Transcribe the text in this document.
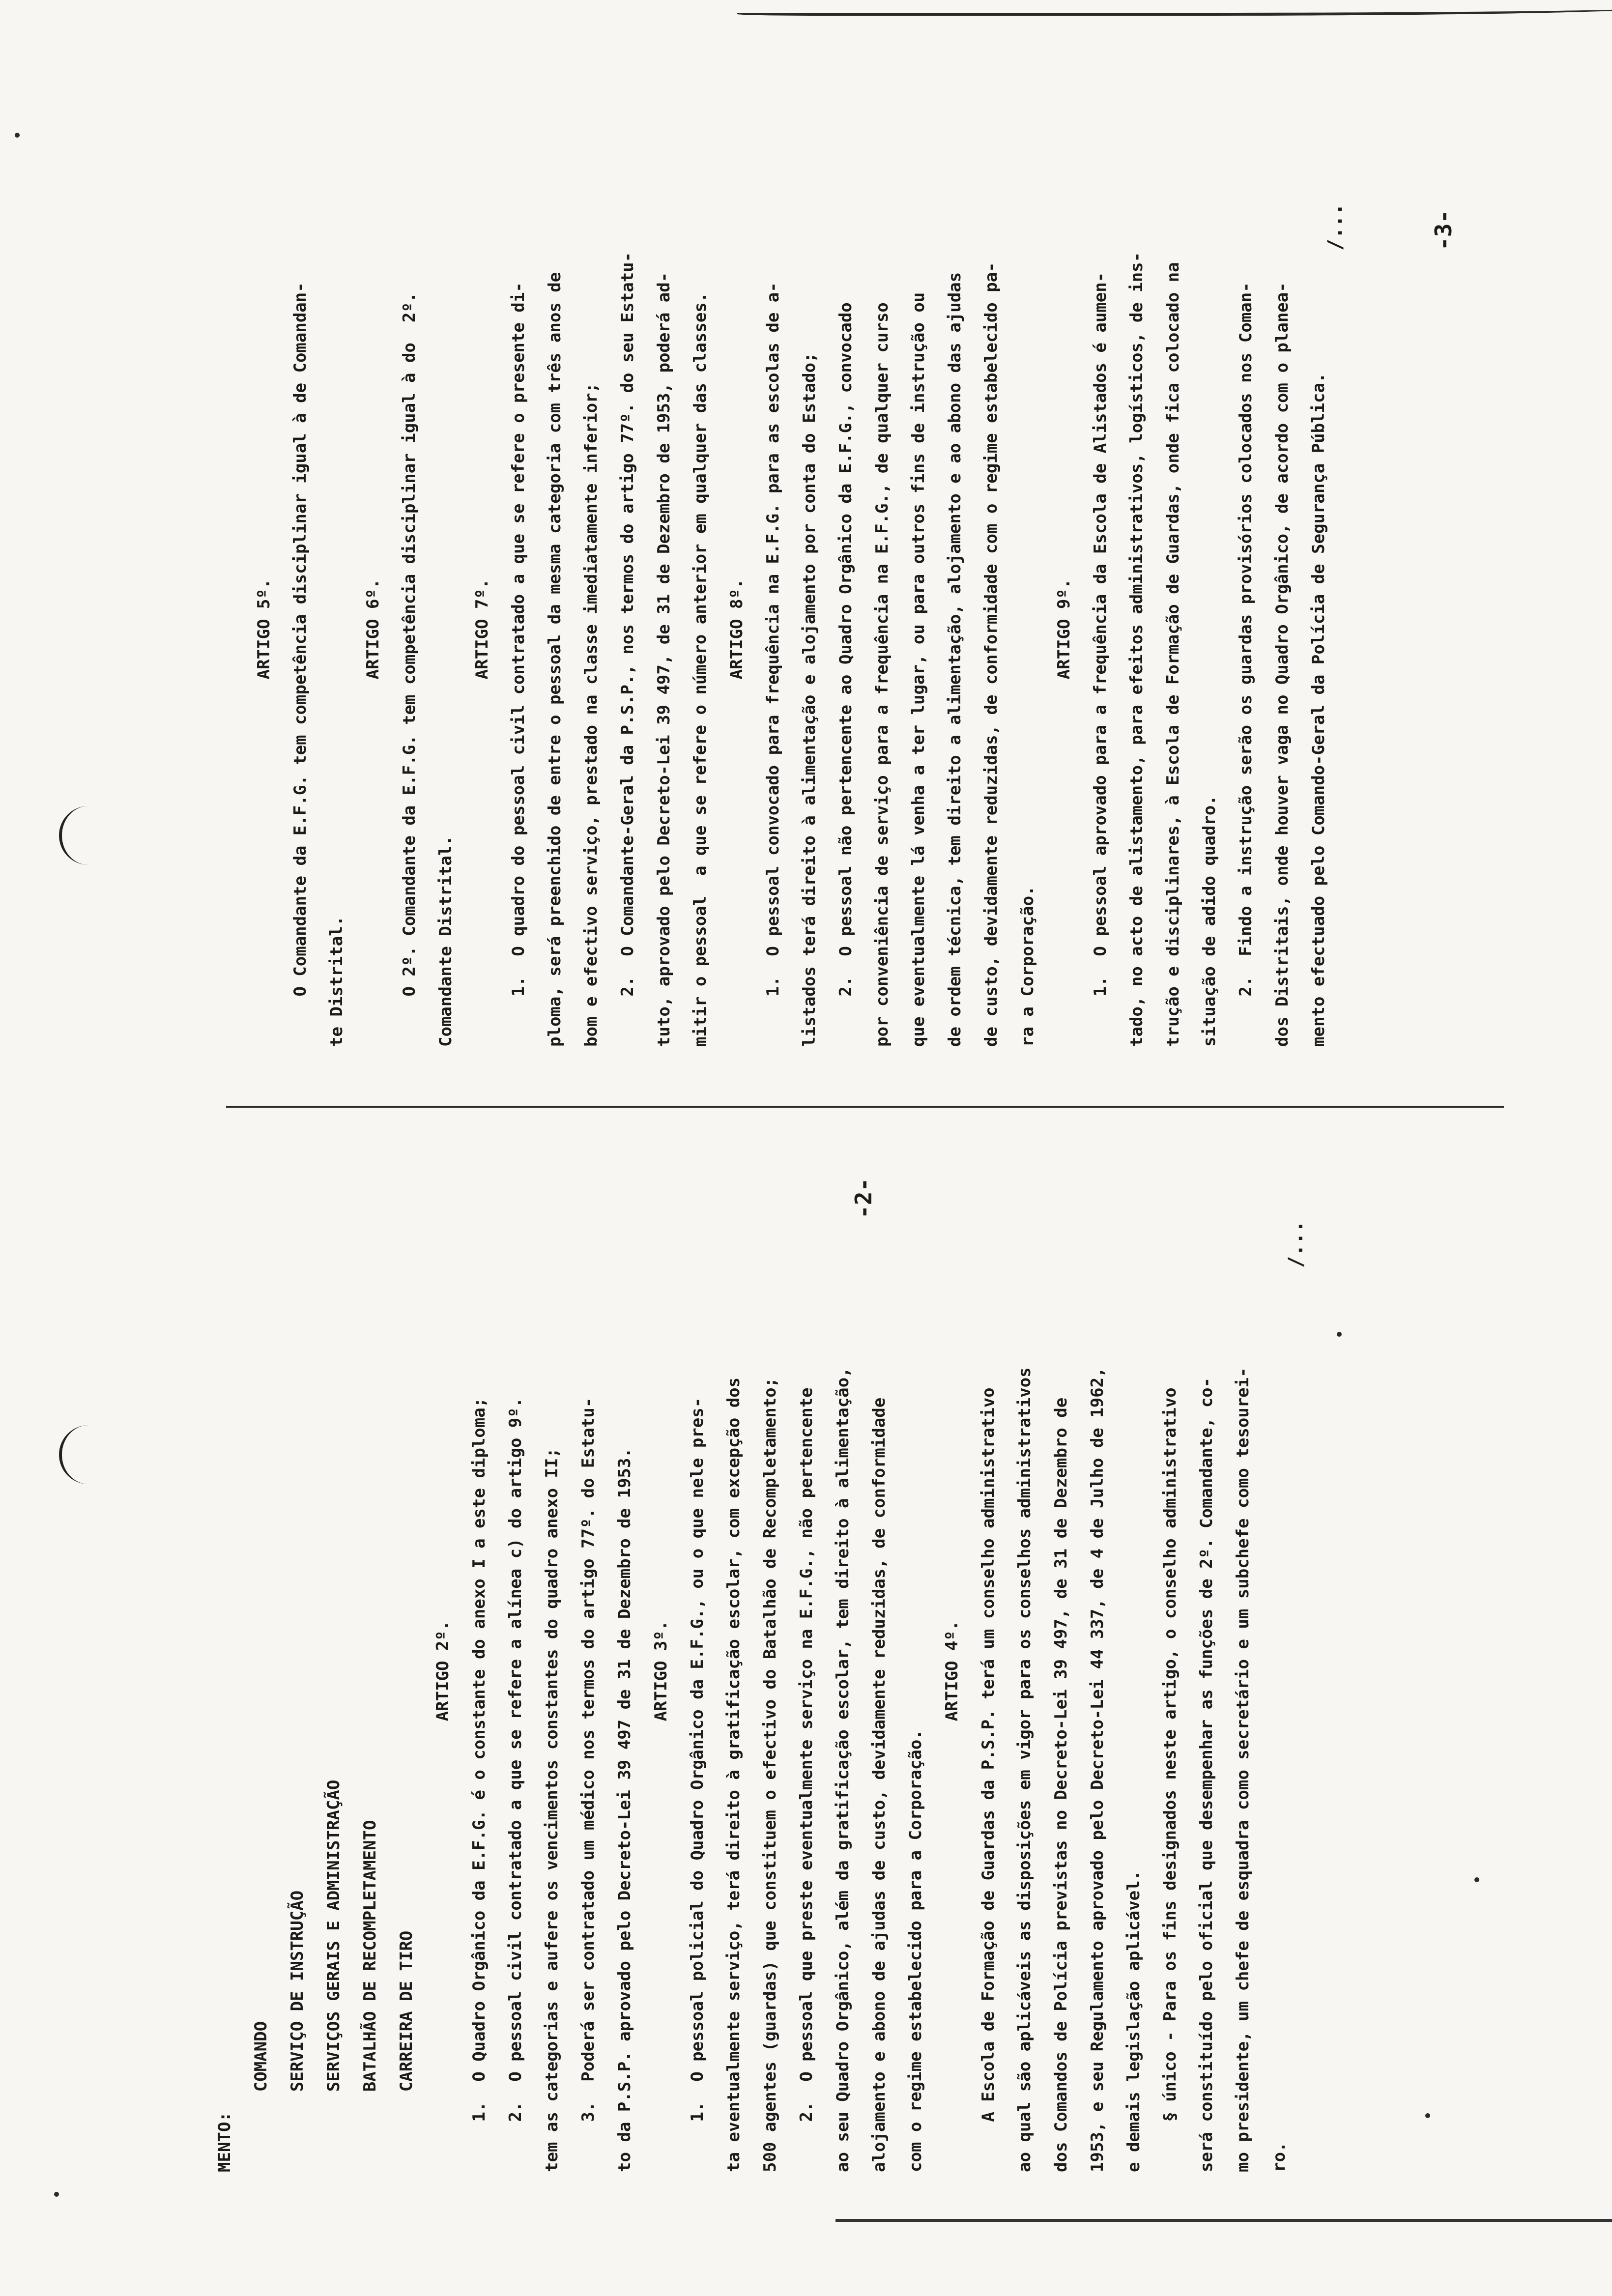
-3-
/...

ARTIGO 5º.	O Comandante da E.F.G. tem competência disciplinar igual à de Comandan-	te Distrital.

ARTIGO 6º.	O 2º. Comandante da E.F.G. tem competência disciplinar igual à do  2º.	Comandante Distrital.

ARTIGO 7º.	1.  O quadro do pessoal civil contratado a que se refere o presente di-	ploma, será preenchido de entre o pessoal da mesma categoria com três anos de	bom e efectivo serviço, prestado na classe imediatamente inferior;	2.  O Comandante-Geral da P.S.P., nos termos do artigo 77º. do seu Estatu-	tuto, aprovado pelo Decreto-Lei 39 497, de 31 de Dezembro de 1953, poderá ad-	mitir o pessoal  a que se refere o número anterior em qualquer das classes.	ARTIGO 8º.	1.  O pessoal convocado para frequência na E.F.G. para as escolas de a-	listados terá direito à alimentação e alojamento por conta do Estado;	2.  O pessoal não pertencente ao Quadro Orgânico da E.F.G., convocado	por conveniência de serviço para a frequência na E.F.G., de qualquer curso	que eventualmente lá venha a ter lugar, ou para outros fins de instrução ou	de ordem técnica, tem direito a alimentação, alojamento e ao abono das ajudas	de custo, devidamente reduzidas, de conformidade com o regime estabelecido pa-	ra a Corporação.

ARTIGO 9º.	1.  O pessoal aprovado para a frequência da Escola de Alistados é aumen-	tado, no acto de alistamento, para efeitos administrativos, logísticos, de ins-	trução e disciplinares, à Escola de Formação de Guardas, onde fica colocado na	situação de adido quadro.	2.  Findo a instrução serão os guardas provisórios colocados nos Coman-	dos Distritais, onde houver vaga no Quadro Orgânico, de acordo com o planea-	mento efectuado pelo Comando-Geral da Polícia de Segurança Pública.

-2-
/...

MENTO:	COMANDO	SERVIÇO DE INSTRUÇÃO	SERVIÇOS GERAIS E ADMINISTRAÇÃO	BATALHÃO DE RECOMPLETAMENTO	CARREIRA DE TIRO

ARTIGO 2º.	1.  O Quadro Orgânico da E.F.G. é o constante do anexo I a este diploma;	2.  O pessoal civil contratado a que se refere a alínea c) do artigo 9º.	tem as categorias e aufere os vencimentos constantes do quadro anexo II;	3.  Poderá ser contratado um médico nos termos do artigo 77º. do Estatu-	to da P.S.P. aprovado pelo Decreto-Lei 39 497 de 31 de Dezembro de 1953.	ARTIGO 3º.	1.  O pessoal policial do Quadro Orgânico da E.F.G., ou o que nele pres-	ta eventualmente serviço, terá direito à gratificação escolar, com excepção dos	500 agentes (guardas) que constituem o efectivo do Batalhão de Recompletamento;	2.  O pessoal que preste eventualmente serviço na E.F.G., não pertencente	ao seu Quadro Orgânico, além da gratificação escolar, tem direito à alimentação,	alojamento e abono de ajudas de custo, devidamente reduzidas, de conformidade	com o regime estabelecido para a Corporação.

ARTIGO 4º.	A Escola de Formação de Guardas da P.S.P. terá um conselho administrativo	ao qual são aplicáveis as disposições em vigor para os conselhos administrativos	dos Comandos de Polícia previstas no Decreto-Lei 39 497, de 31 de Dezembro de	1953, e seu Regulamento aprovado pelo Decreto-Lei 44 337, de 4 de Julho de 1962,	e demais legislação aplicável.	§ único - Para os fins designados neste artigo, o conselho administrativo	será constituído pelo oficial que desempenhar as funções de 2º. Comandante, co-	mo presidente, um chefe de esquadra como secretário e um subchefe como tesourei-	ro.
